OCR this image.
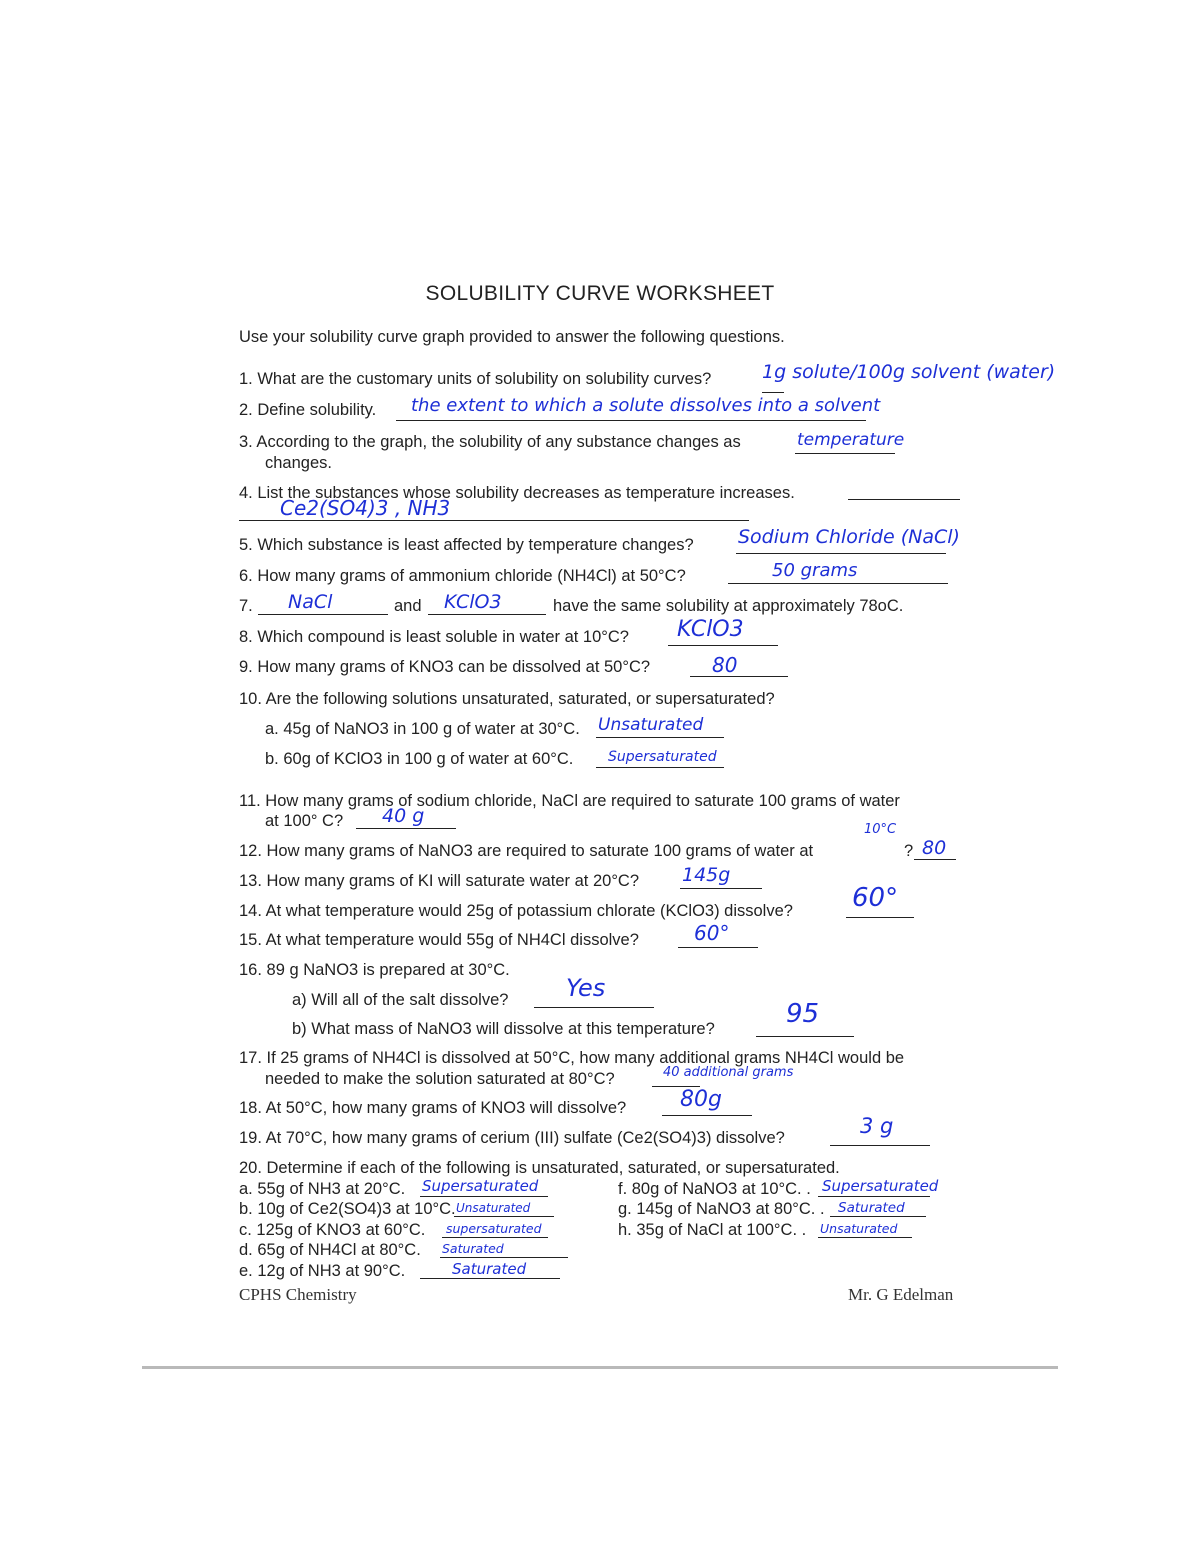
SOLUBILITY CURVE WORKSHEET
Use your solubility curve graph provided to answer the following questions.
1. What are the customary units of solubility on solubility curves?	1g solute/100g solvent (water)
2. Define solubility. the extent to which a solute dissolves into a solvent
3. According to the graph, the solubility of any substance changes as
changes.
temperature
4. List the substances whose solubility decreases as temperature increases.
Ce2(SO4)3 , NH3
5. Which substance is least affected by temperature changes? Sodium Chloride (NaCl)
6. How many grams of ammonium chloride (NH4Cl) at 50°C?	50 grams
7. NaCl	and KClO3	have the same solubility at approximately 78oC.
8. Which compound is least soluble in water at 10°C? KClO3
9. How many grams of KNO3 can be dissolved at 50°C?	80
10. Are the following solutions unsaturated, saturated, or supersaturated?
a. 45g of NaNO3 in 100 g of water at 30°C. Unsaturated
b. 60g of KClO3 in 100 g of water at 60°C. Supersaturated
11. How many grams of sodium chloride, NaCl are required to saturate 100 grams of water
at 100° C? 40 g
12. How many grams of NaNO3 are required to saturate 100 grams of water at	?
10°C
80
13. How many grams of KI will saturate water at 20°C? 145g
14. At what temperature would 25g of potassium chlorate (KClO3) dissolve? 60°
15. At what temperature would 55g of NH4Cl dissolve?	60°
16. 89 g NaNO3 is prepared at 30°C.
a) Will all of the salt dissolve? Yes
b) What mass of NaNO3 will dissolve at this temperature?	95
17. If 25 grams of NH4Cl is dissolved at 50°C, how many additional grams NH4Cl would be
needed to make the solution saturated at 80°C?	40 additional grams
18. At 50°C, how many grams of KNO3 will dissolve? 80g
19. At 70°C, how many grams of cerium (III) sulfate (Ce2(SO4)3) dissolve?	3 g
20. Determine if each of the following is unsaturated, saturated, or supersaturated.
a. 55g of NH3 at 20°C. Supersaturated
b. 10g of Ce2(SO4)3 at 10°C. Unsaturated
c. 125g of KNO3 at 60°C. supersaturated
d. 65g of NH4Cl at 80°C. Saturated
e. 12g of NH3 at 90°C.	Saturated
f. 80g of NaNO3 at 10°C. . Supersaturated
g. 145g of NaNO3 at 80°C. . Saturated
h. 35g of NaCl at 100°C. . Unsaturated
CPHS Chemistry	Mr. G Edelman
